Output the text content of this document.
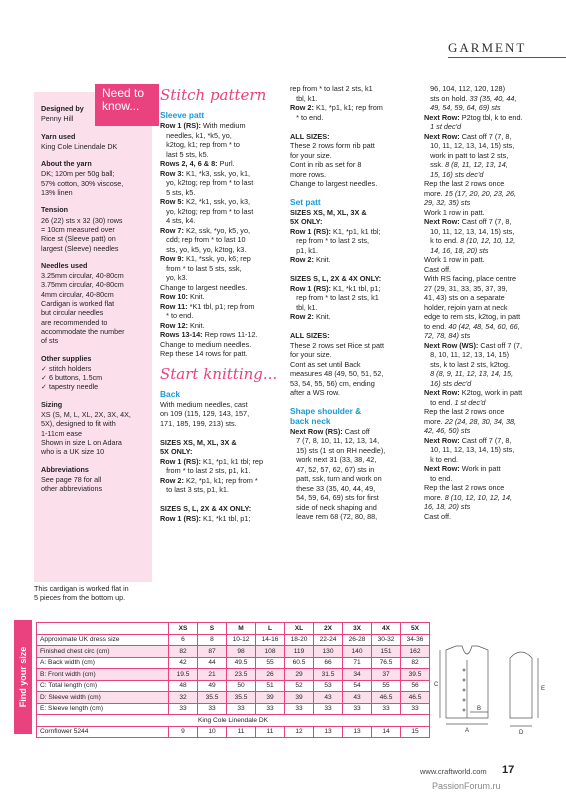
GARMENT
Need to
know...
Designed by
Penny Hill
Yarn used
King Cole Linendale DK
About the yarn
DK; 120m per 50g ball;
57% cotton, 30% viscose,
13% linen
Tension
26 (22) sts x 32 (30) rows
= 10cm measured over
Rice st (Sleeve patt) on
largest (Sleeve) needles
Needles used
3.25mm circular, 40-80cm
3.75mm circular, 40-80cm
4mm circular, 40-80cm
Cardigan is worked flat
but circular needles
are recommended to
accommodate the number
of sts
Other supplies
✓ stitch holders
✓ 6 buttons, 1.5cm
✓ tapestry needle
Sizing
XS (S, M, L, XL, 2X, 3X, 4X,
5X), designed to fit with
1-11cm ease
Shown in size L on Adara
who is a UK size 10
Abbreviations
See page 78 for all
other abbreviations
This cardigan is worked flat in
5 pieces from the bottom up.
Stitch pattern
Sleeve patt
Row 1 (RS): With medium
needles, k1, *k5, yo,
k2tog, k1; rep from * to
last 5 sts, k5.
Rows 2, 4, 6 & 8: Purl.
Row 3: K1, *k3, ssk, yo, k1,
yo, k2tog; rep from * to last
5 sts, k5.
Row 5: K2, *k1, ssk, yo, k3,
yo, k2tog; rep from * to last
4 sts, k4.
Row 7: K2, ssk, *yo, k5, yo,
cdd; rep from * to last 10
sts, yo, k5, yo, k2tog, k3.
Row 9: K1, *ssk, yo, k6; rep
from * to last 5 sts, ssk,
yo, k3.
Change to largest needles.
Row 10: Knit.
Row 11: *K1 tbl, p1; rep from
* to end.
Row 12: Knit.
Rows 13-14: Rep rows 11-12.
Change to medium needles.
Rep these 14 rows for patt.
Start knitting...
Back
With medium needles, cast
on 109 (115, 129, 143, 157,
171, 185, 199, 213) sts.

SIZES XS, M, XL, 3X &
5X ONLY:
Row 1 (RS): K1, *p1, k1 tbl; rep
from * to last 2 sts, p1, k1.
Row 2: K2, *p1, k1; rep from *
to last 3 sts, p1, k1.

SIZES S, L, 2X & 4X ONLY:
Row 1 (RS): K1, *k1 tbl, p1;
rep from * to last 2 sts, k1
tbl, k1.
Row 2: K1, *p1, k1; rep from
* to end.

ALL SIZES:
These 2 rows form rib patt
for your size.
Cont in rib as set for 8
more rows.
Change to largest needles.
Set patt
SIZES XS, M, XL, 3X &
5X ONLY:
Row 1 (RS): K1, *p1, k1 tbl;
rep from * to last 2 sts,
p1, k1.
Row 2: Knit.

SIZES S, L, 2X & 4X ONLY:
Row 1 (RS): K1, *k1 tbl, p1;
rep from * to last 2 sts, k1
tbl, k1.
Row 2: Knit.

ALL SIZES:
These 2 rows set Rice st patt
for your size.
Cont as set until Back
measures 48 (49, 50, 51, 52,
53, 54, 55, 56) cm, ending
after a WS row.
Shape shoulder &
back neck
Next Row (RS): Cast off
7 (7, 8, 10, 11, 12, 13, 14,
15) sts (1 st on RH needle),
work next 31 (33, 38, 42,
47, 52, 57, 62, 67) sts in
patt, ssk, turn and work on
these 33 (35, 40, 44, 49,
54, 59, 64, 69) sts for first
side of neck shaping and
leave rem 68 (72, 80, 88,
96, 104, 112, 120, 128)
sts on hold. 33 (35, 40, 44,
49, 54, 59, 64, 69) sts
Next Row: P2tog tbl, k to end.
1 st dec'd
Next Row: Cast off 7 (7, 8,
10, 11, 12, 13, 14, 15) sts,
work in patt to last 2 sts,
ssk. 8 (8, 11, 12, 13, 14,
15, 16) sts dec'd
Rep the last 2 rows once
more. 15 (17, 20, 20, 23, 26,
29, 32, 35) sts
Work 1 row in patt.
Next Row: Cast off 7 (7, 8,
10, 11, 12, 13, 14, 15) sts,
k to end. 8 (10, 12, 10, 12,
14, 16, 18, 20) sts
Work 1 row in patt.
Cast off.
With RS facing, place centre
27 (29, 31, 33, 35, 37, 39,
41, 43) sts on a separate
holder, rejoin yarn at neck
edge to rem sts, k2tog, in patt
to end. 40 (42, 48, 54, 60, 66,
72, 78, 84) sts
Next Row (WS): Cast off 7 (7,
8, 10, 11, 12, 13, 14, 15)
sts, k to last 2 sts, k2tog.
8 (8, 9, 11, 12, 13, 14, 15,
16) sts dec'd
Next Row: K2tog, work in patt
to end. 1 st dec'd
Rep the last 2 rows once
more. 22 (24, 28, 30, 34, 38,
42, 46, 50) sts
Next Row: Cast off 7 (7, 8,
10, 11, 12, 13, 14, 15) sts,
k to end.
Next Row: Work in patt
to end.
Rep the last 2 rows once
more. 8 (10, 12, 10, 12, 14,
16, 18, 20) sts
Cast off.
Find your size
	XS	S	M	L	XL	2X	3X	4X	5X
Approximate UK dress size	6	8	10-12	14-16	18-20	22-24	26-28	30-32	34-36
Finished chest circ (cm)	82	87	98	108	119	130	140	151	162
A: Back width (cm)	42	44	49.5	55	60.5	66	71	76.5	82
B: Front width (cm)	19.5	21	23.5	26	29	31.5	34	37	39.5
C: Total length (cm)	48	49	50	51	52	53	54	55	56
D: Sleeve width (cm)	32	35.5	35.5	39	39	43	43	46.5	46.5
E: Sleeve length (cm)	33	33	33	33	33	33	33	33	33
King Cole Linendale DK									
Cornflower 5244	9	10	11	11	12	13	13	14	15	A
B
C
D
E
www.craftworld.com 17
PassionForum.ru
